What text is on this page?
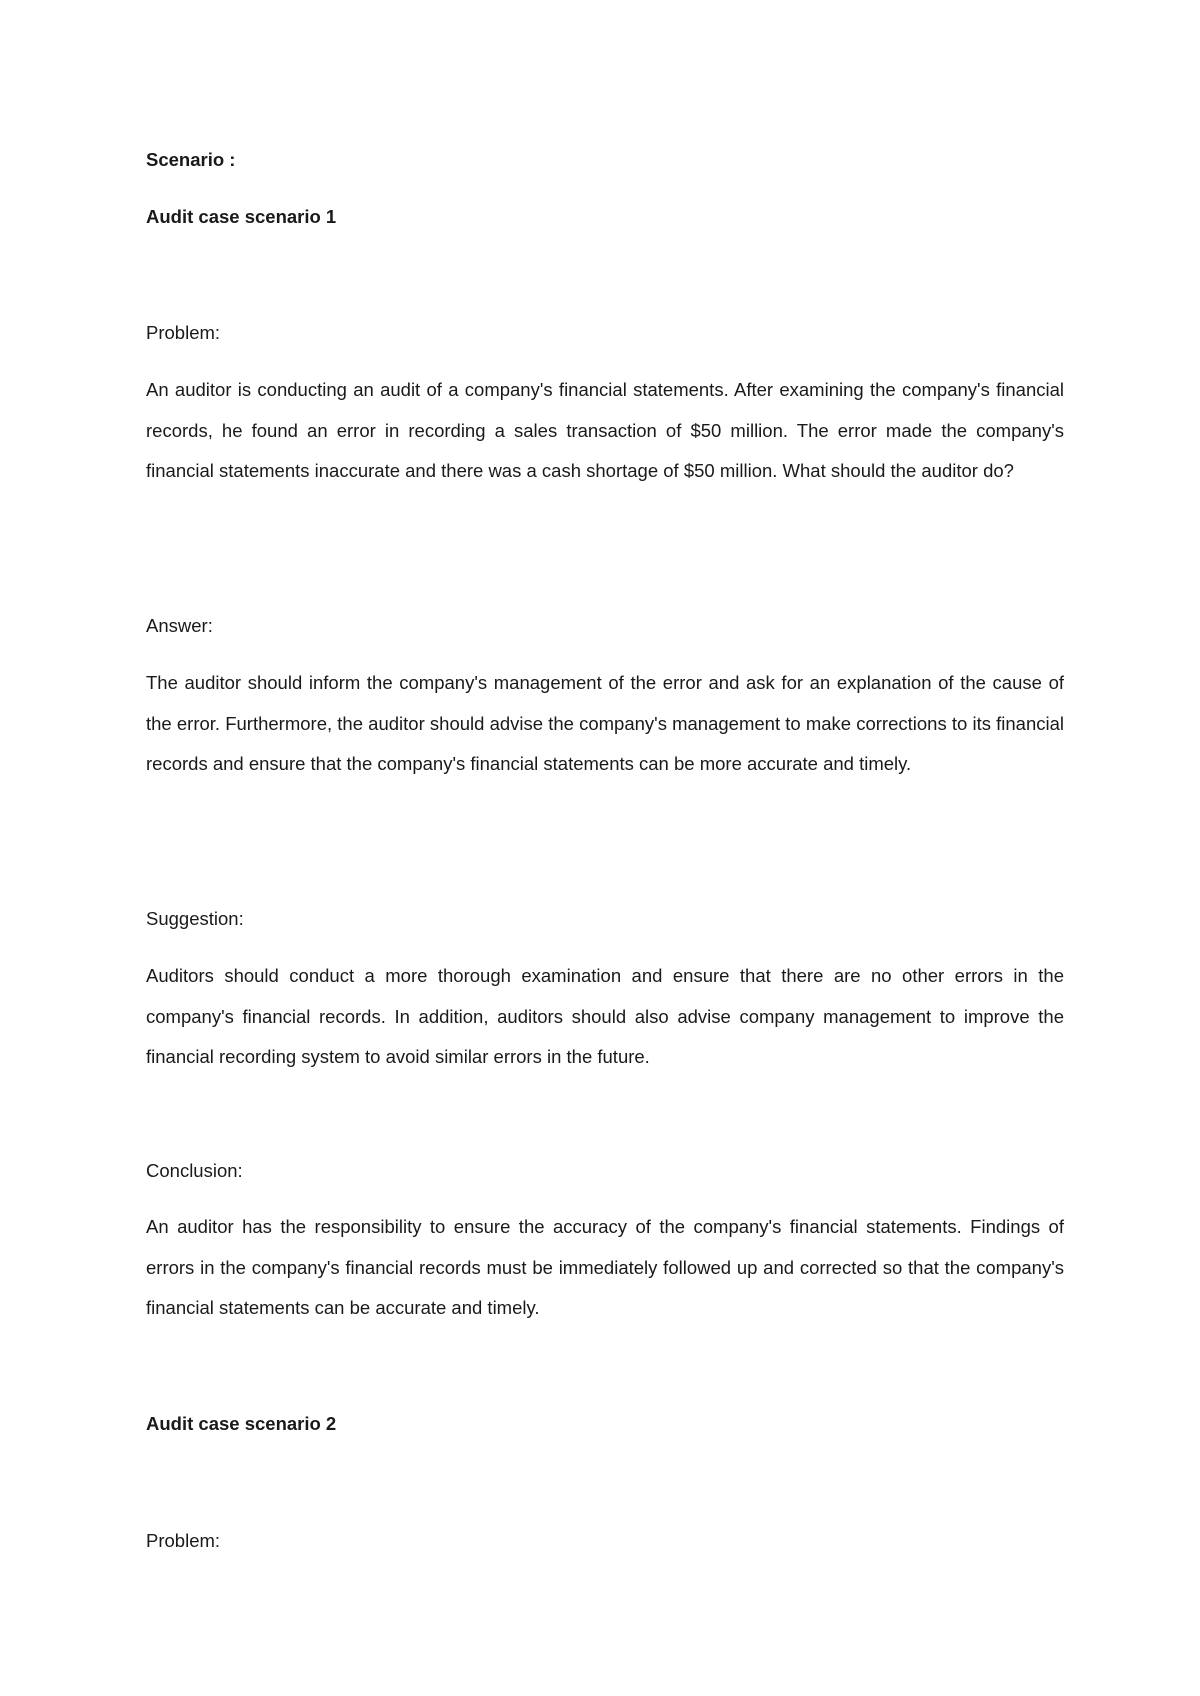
Scenario :

Audit case scenario 1

Problem:

An auditor is conducting an audit of a company's financial statements. After examining the company's financial records, he found an error in recording a sales transaction of $50 million. The error made the company's financial statements inaccurate and there was a cash shortage of $50 million. What should the auditor do?

Answer:

The auditor should inform the company's management of the error and ask for an explanation of the cause of the error. Furthermore, the auditor should advise the company's management to make corrections to its financial records and ensure that the company's financial statements can be more accurate and timely.

Suggestion:

Auditors should conduct a more thorough examination and ensure that there are no other errors in the company's financial records. In addition, auditors should also advise company management to improve the financial recording system to avoid similar errors in the future.

Conclusion:

An auditor has the responsibility to ensure the accuracy of the company's financial statements. Findings of errors in the company's financial records must be immediately followed up and corrected so that the company's financial statements can be accurate and timely.

Audit case scenario 2

Problem:
